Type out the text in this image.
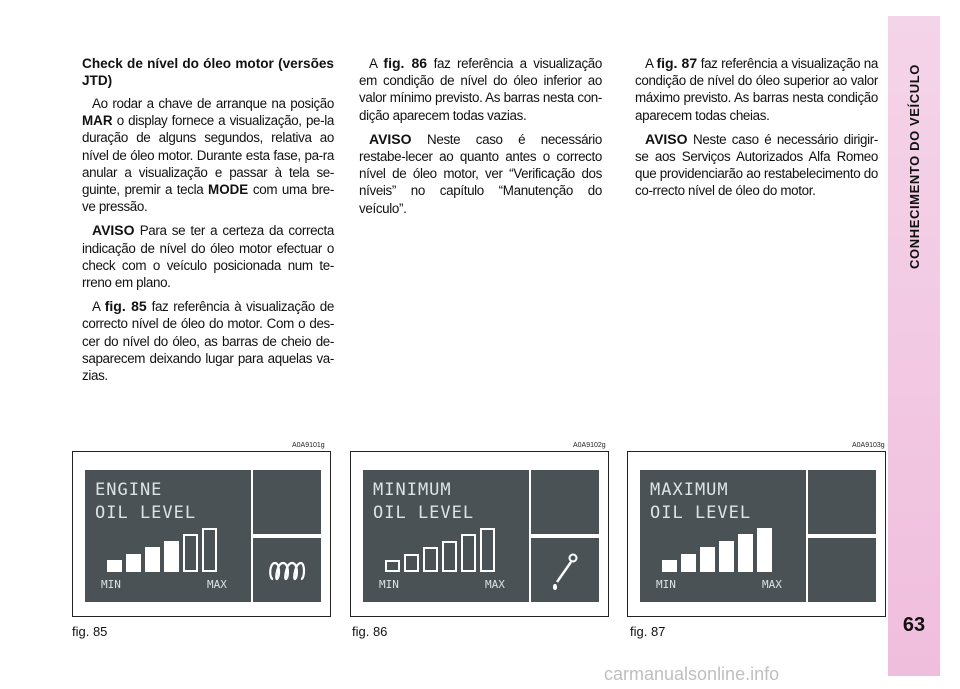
CONHECIMENTO DO VEÍCULO
63
Check de nível do óleo motor (versões JTD)

Ao rodar a chave de arranque na posição MAR o display fornece a visualização, pe-la duração de alguns segundos, relativa ao nível de óleo motor. Durante esta fase, pa-ra anular a visualização e passar à tela se-guinte, premir a tecla MODE com uma bre-ve pressão.

AVISO Para se ter a certeza da correcta indicação de nível do óleo motor efectuar o check com o veículo posicionada num te-rreno em plano.

A fig. 85 faz referência à visualização de correcto nível de óleo do motor. Com o des-cer do nível do óleo, as barras de cheio de-saparecem deixando lugar para aquelas va-zias.

A fig. 86 faz referência a visualização em condição de nível do óleo inferior ao valor mínimo previsto. As barras nesta con-dição aparecem todas vazias.

AVISO Neste caso é necessário restabe-lecer ao quanto antes o correcto nível de óleo motor, ver “Verificação dos níveis” no capítulo “Manutenção do veículo”.

A fig. 87 faz referência a visualização na condição de nível do óleo superior ao valor máximo previsto. As barras nesta condição aparecem todas cheias.

AVISO Neste caso é necessário dirigir-se aos Serviços Autorizados Alfa Romeo que providenciarão ao restabelecimento do co-rrecto nível de óleo do motor.

A0A9101g
ENGINE
OIL LEVEL
MIN	MAX
fig. 85
A0A9102g
MINIMUM
OIL LEVEL
MIN	MAX
fig. 86
A0A9103g
MAXIMUM
OIL LEVEL
MIN	MAX
fig. 87
carmanualsonline.info
